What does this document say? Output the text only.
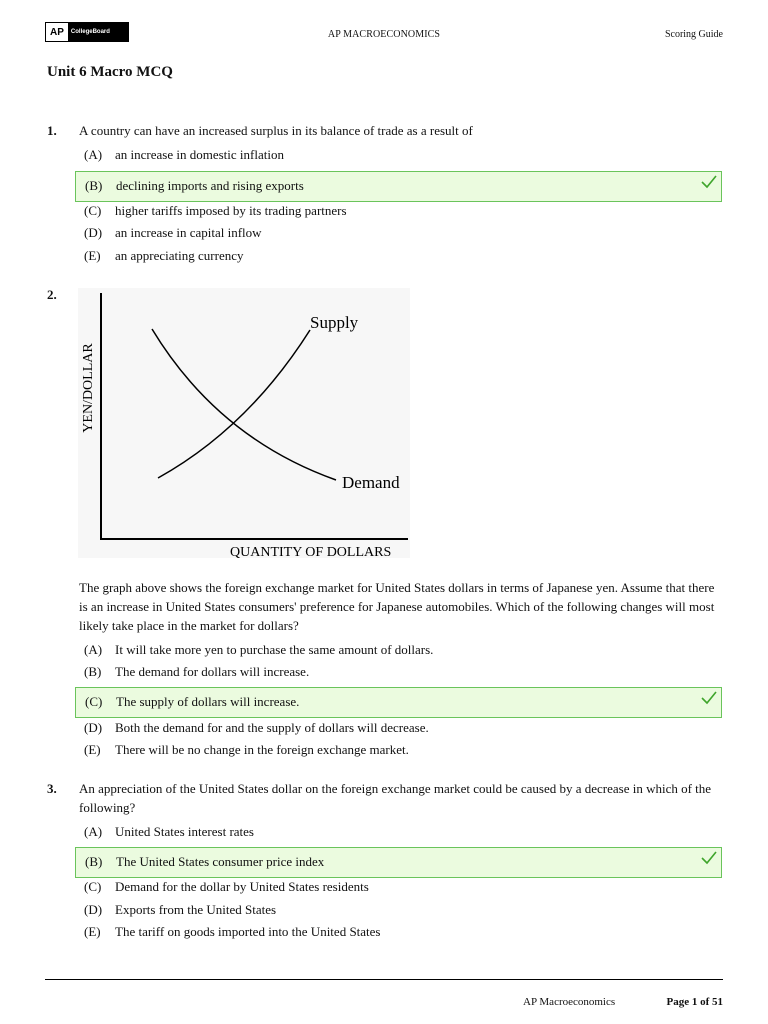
AP	CollegeBoard	AP MACROECONOMICS	Scoring Guide
Unit 6 Macro MCQ
1. A country can have an increased surplus in its balance of trade as a result of
(A) an increase in domestic inflation
(B) declining imports and rising exports
(C) higher tariffs imposed by its trading partners
(D) an increase in capital inflow
(E) an appreciating currency
2.
Supply
Demand
QUANTITY OF DOLLARS
YEN/DOLLAR
The graph above shows the foreign exchange market for United States dollars in terms of Japanese yen. Assume that there is an increase in United States consumers' preference for Japanese automobiles. Which of the following changes will most likely take place in the market for dollars?
(A) It will take more yen to purchase the same amount of dollars.
(B) The demand for dollars will increase.
(C) The supply of dollars will increase.
(D) Both the demand for and the supply of dollars will decrease.
(E) There will be no change in the foreign exchange market.
3. An appreciation of the United States dollar on the foreign exchange market could be caused by a decrease in which of the following?
(A) United States interest rates
(B) The United States consumer price index
(C) Demand for the dollar by United States residents
(D) Exports from the United States
(E) The tariff on goods imported into the United States
AP Macroeconomics	Page 1 of 51
